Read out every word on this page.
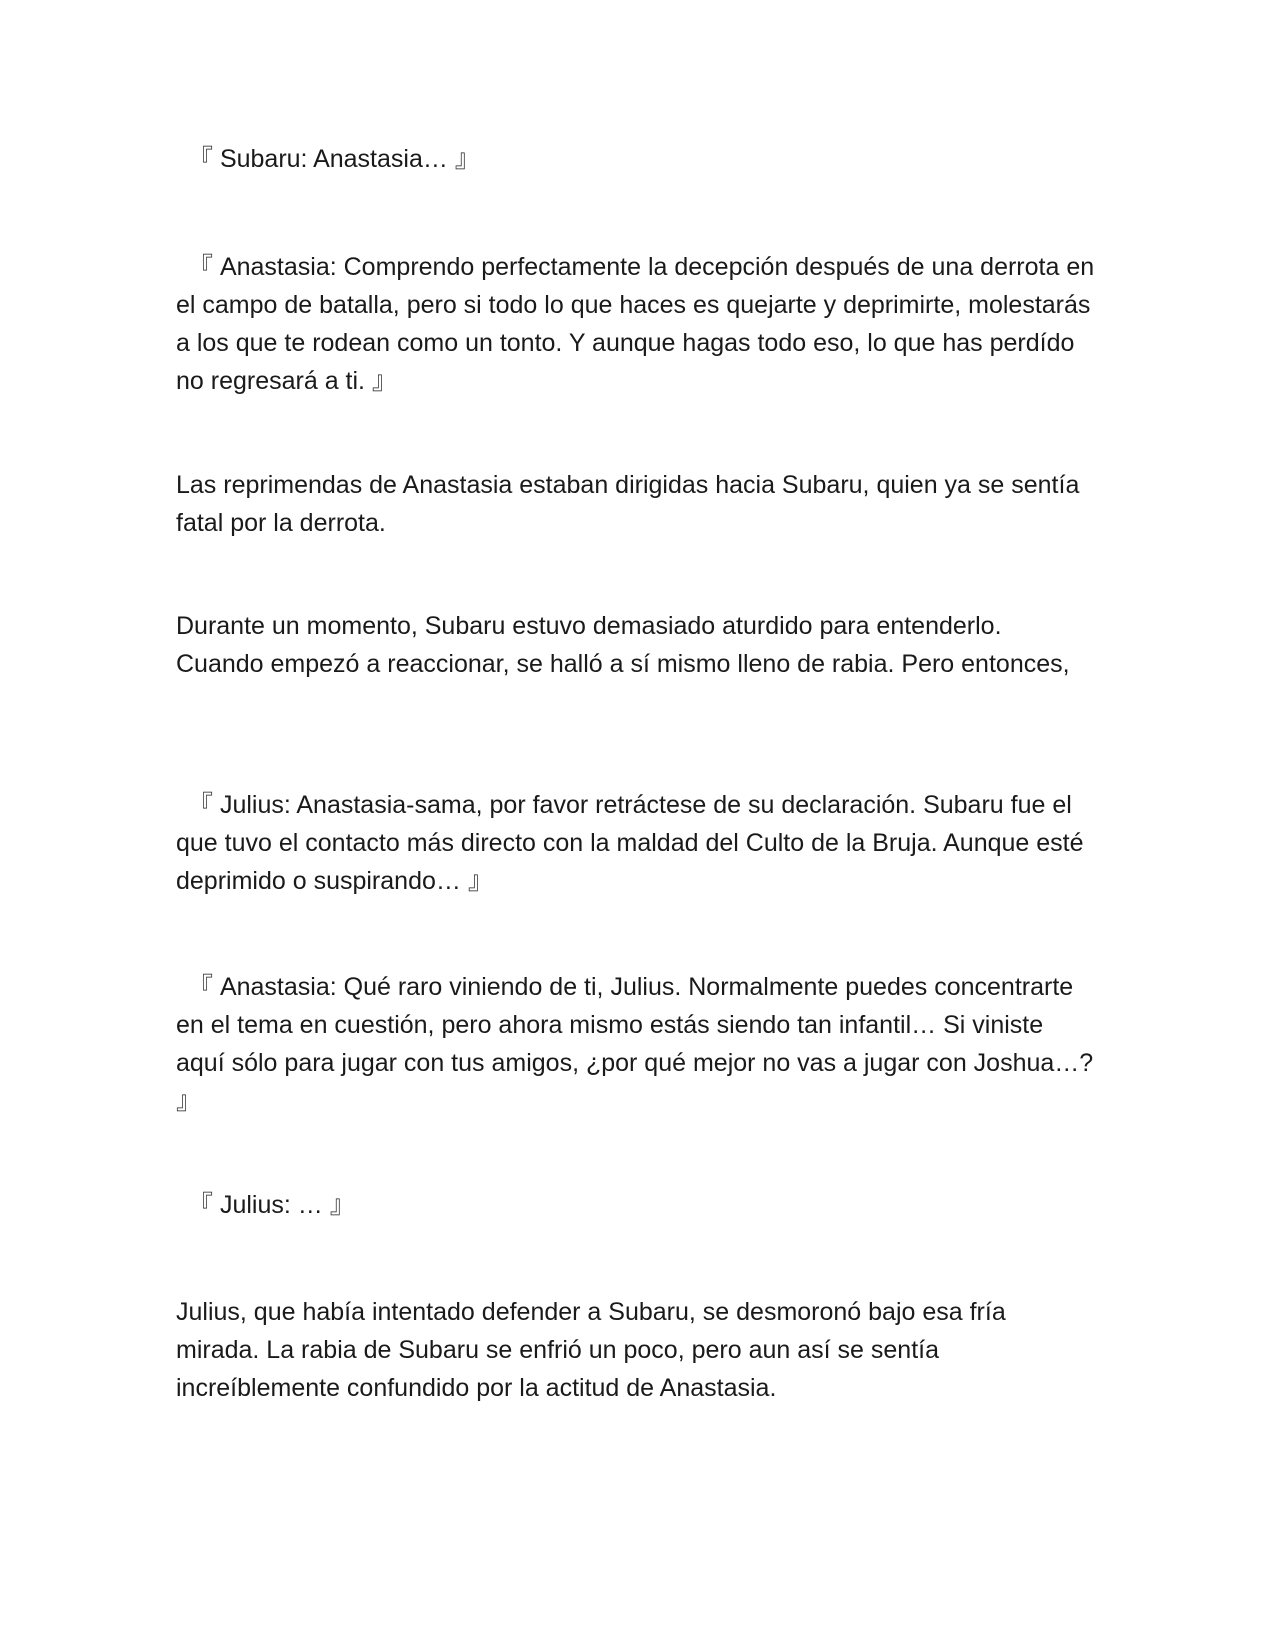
『 Subaru: Anastasia… 』

『 Anastasia: Comprendo perfectamente la decepción después de una derrota en el campo de batalla, pero si todo lo que haces es quejarte y deprimirte, molestarás a los que te rodean como un tonto. Y aunque hagas todo eso, lo que has perdído no regresará a ti. 』

Las reprimendas de Anastasia estaban dirigidas hacia Subaru, quien ya se sentía fatal por la derrota.

Durante un momento, Subaru estuvo demasiado aturdido para entenderlo. Cuando empezó a reaccionar, se halló a sí mismo lleno de rabia. Pero entonces,

『 Julius: Anastasia-sama, por favor retráctese de su declaración. Subaru fue el que tuvo el contacto más directo con la maldad del Culto de la Bruja. Aunque esté deprimido o suspirando… 』

『 Anastasia: Qué raro viniendo de ti, Julius. Normalmente puedes concentrarte en el tema en cuestión, pero ahora mismo estás siendo tan infantil… Si viniste aquí sólo para jugar con tus amigos, ¿por qué mejor no vas a jugar con Joshua…? 』

『 Julius: … 』

Julius, que había intentado defender a Subaru, se desmoronó bajo esa fría mirada. La rabia de Subaru se enfrió un poco, pero aun así se sentía increíblemente confundido por la actitud de Anastasia.
